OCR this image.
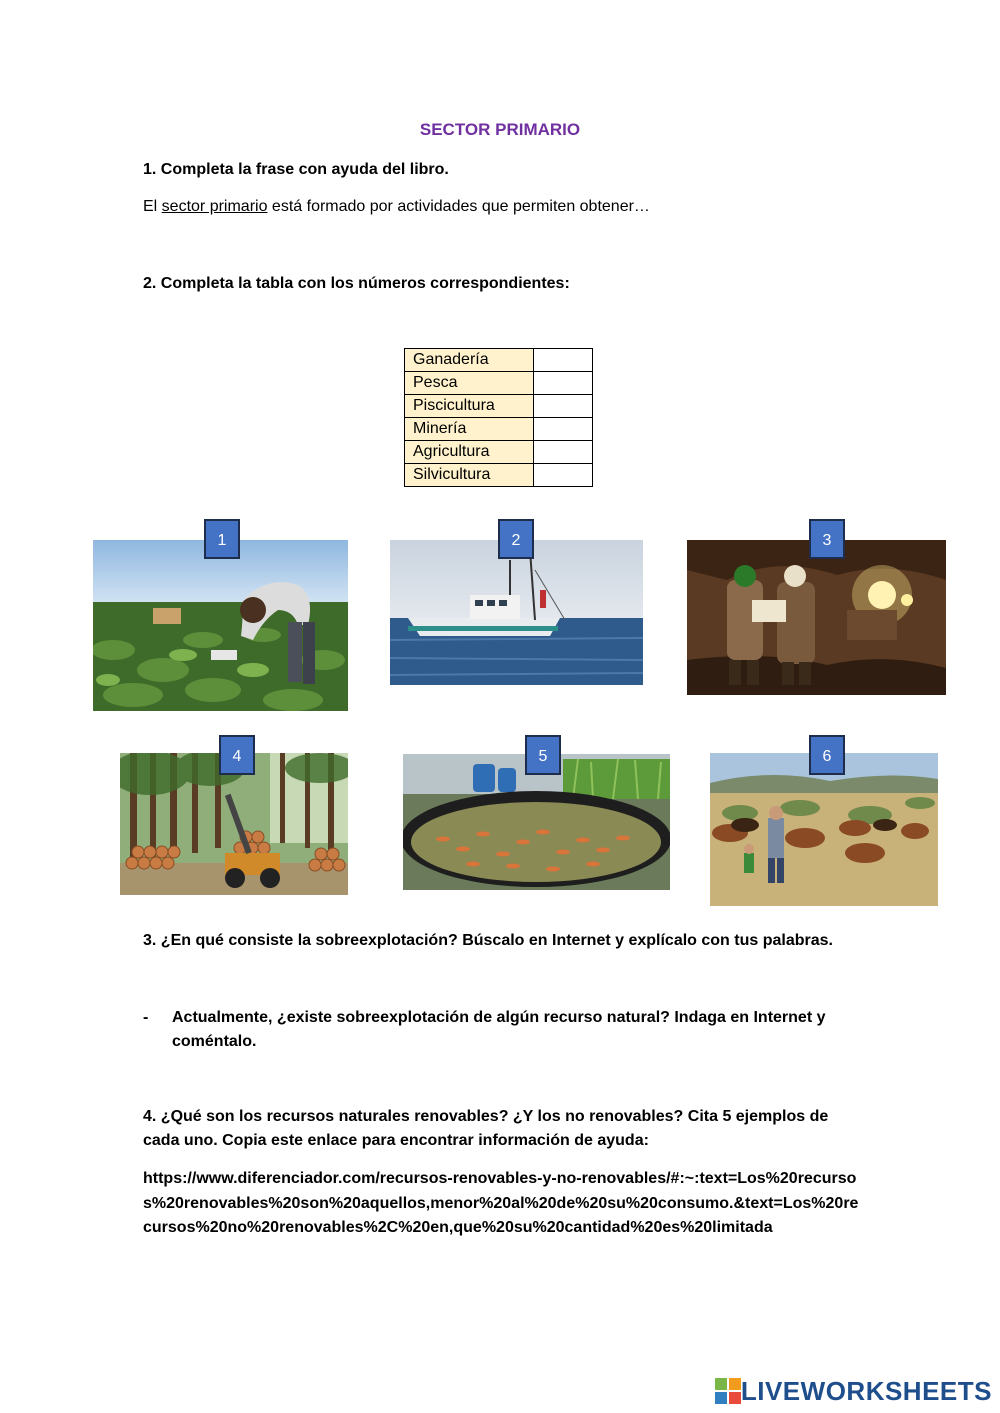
SECTOR PRIMARIO
1. Completa la frase con ayuda del libro.
El sector primario está formado por actividades que permiten obtener…
2. Completa la tabla con los números correspondientes:
Ganadería	
Pesca	
Piscicultura	
Minería	
Agricultura	
Silvicultura	
1	2	3
4	5	6
3. ¿En qué consiste la sobreexplotación? Búscalo en Internet y explícalo con tus palabras.
- Actualmente, ¿existe sobreexplotación de algún recurso natural? Indaga en Internet y coméntalo.
4. ¿Qué son los recursos naturales renovables? ¿Y los no renovables? Cita 5 ejemplos de cada uno. Copia este enlace para encontrar información de ayuda:
https://www.diferenciador.com/recursos-renovables-y-no-renovables/#:~:text=Los%20recursos%20renovables%20son%20aquellos,menor%20al%20de%20su%20consumo.&text=Los%20recursos%20no%20renovables%2C%20en,que%20su%20cantidad%20es%20limitada
LIVEWORKSHEETS
